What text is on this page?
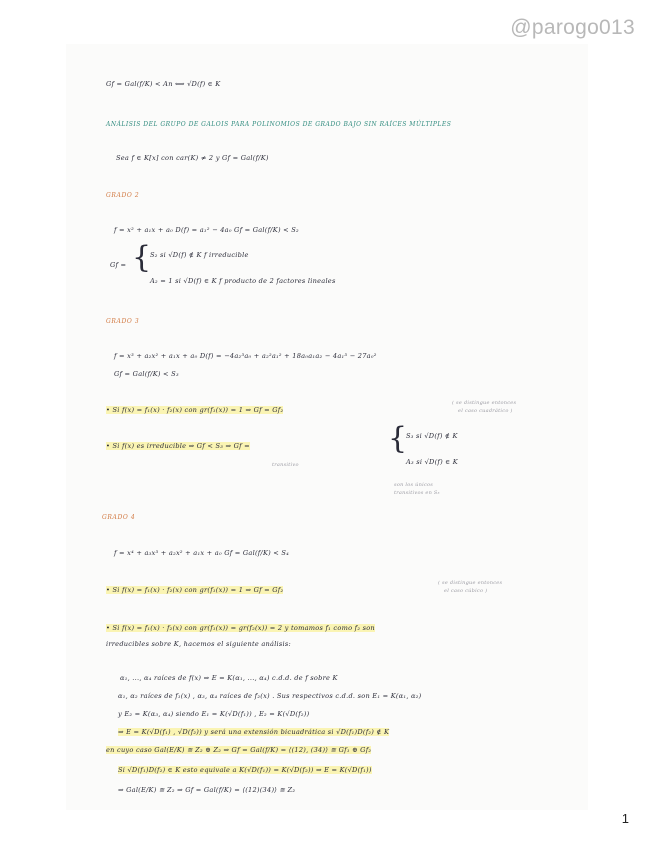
@parogo013
Gf = Gal(f/K) < An ⟺ √D(f) ∈ K
ANÁLISIS DEL GRUPO DE GALOIS PARA POLINOMIOS DE GRADO BAJO SIN RAÍCES MÚLTIPLES
Sea f ∈ K[x] con car(K) ≠ 2 y Gf = Gal(f/K)
GRADO 2
f = x² + a₁x + a₀ D(f) = a₁² − 4a₀ Gf = Gal(f/K) < S₂
Gf = {
S₂ si √D(f) ∉ K f irreducible
A₂ = 1 si √D(f) ∈ K f producto de 2 factores lineales
GRADO 3
f = x³ + a₂x² + a₁x + a₀ D(f) = −4a₂³a₀ + a₂²a₁² + 18a₀a₁a₂ − 4a₁³ − 27a₀²
Gf = Gal(f/K) < S₃
• Si f(x) = f₁(x) · f₂(x) con gr(f₁(x)) = 1 ⇒ Gf = Gf₂
( se distingue entonces
el caso cuadrático )
• Si f(x) es irreducible ⇒ Gf < S₃ ⇒ Gf =
transitivo
{
S₃ si √D(f) ∉ K
A₃ si √D(f) ∈ K
son los únicos
transitivos en S₃
GRADO 4
f = x⁴ + a₃x³ + a₂x² + a₁x + a₀ Gf = Gal(f/K) < S₄
• Si f(x) = f₁(x) · f₂(x) con gr(f₁(x)) = 1 ⇒ Gf = Gf₂
( se distingue entonces
el caso cúbico )
• Si f(x) = f₁(x) · f₂(x) con gr(f₁(x)) = gr(f₂(x)) = 2 y tomamos f₁ como f₂ son
irreducibles sobre K, hacemos el siguiente análisis:
α₁, ..., α₄ raíces de f(x) ⇒ E = K(α₁, ..., α₄) c.d.d. de f sobre K
α₁, α₂ raíces de f₁(x) , α₃, α₄ raíces de f₂(x) . Sus respectivos c.d.d. son E₁ = K(α₁, α₂)
y E₂ = K(α₃, α₄) siendo E₁ = K(√D(f₁)) , E₂ = K(√D(f₂))
⇒ E = K(√D(f₁) , √D(f₂)) y será una extensión bicuadrática si √D(f₁)D(f₂) ∉ K
en cuyo caso Gal(E/K) ≅ Z₂ ⊕ Z₂ ⇒ Gf = Gal(f/K) = ⟨(12), (34)⟩ ≅ Gf₁ ⊕ Gf₂
Si √D(f₁)D(f₂) ∈ K esto equivale a K(√D(f₁)) = K(√D(f₂)) ⇒ E = K(√D(f₁))
⇒ Gal(E/K) ≅ Z₂ ⇒ Gf = Gal(f/K) = ⟨(12)(34)⟩ ≅ Z₂
1
